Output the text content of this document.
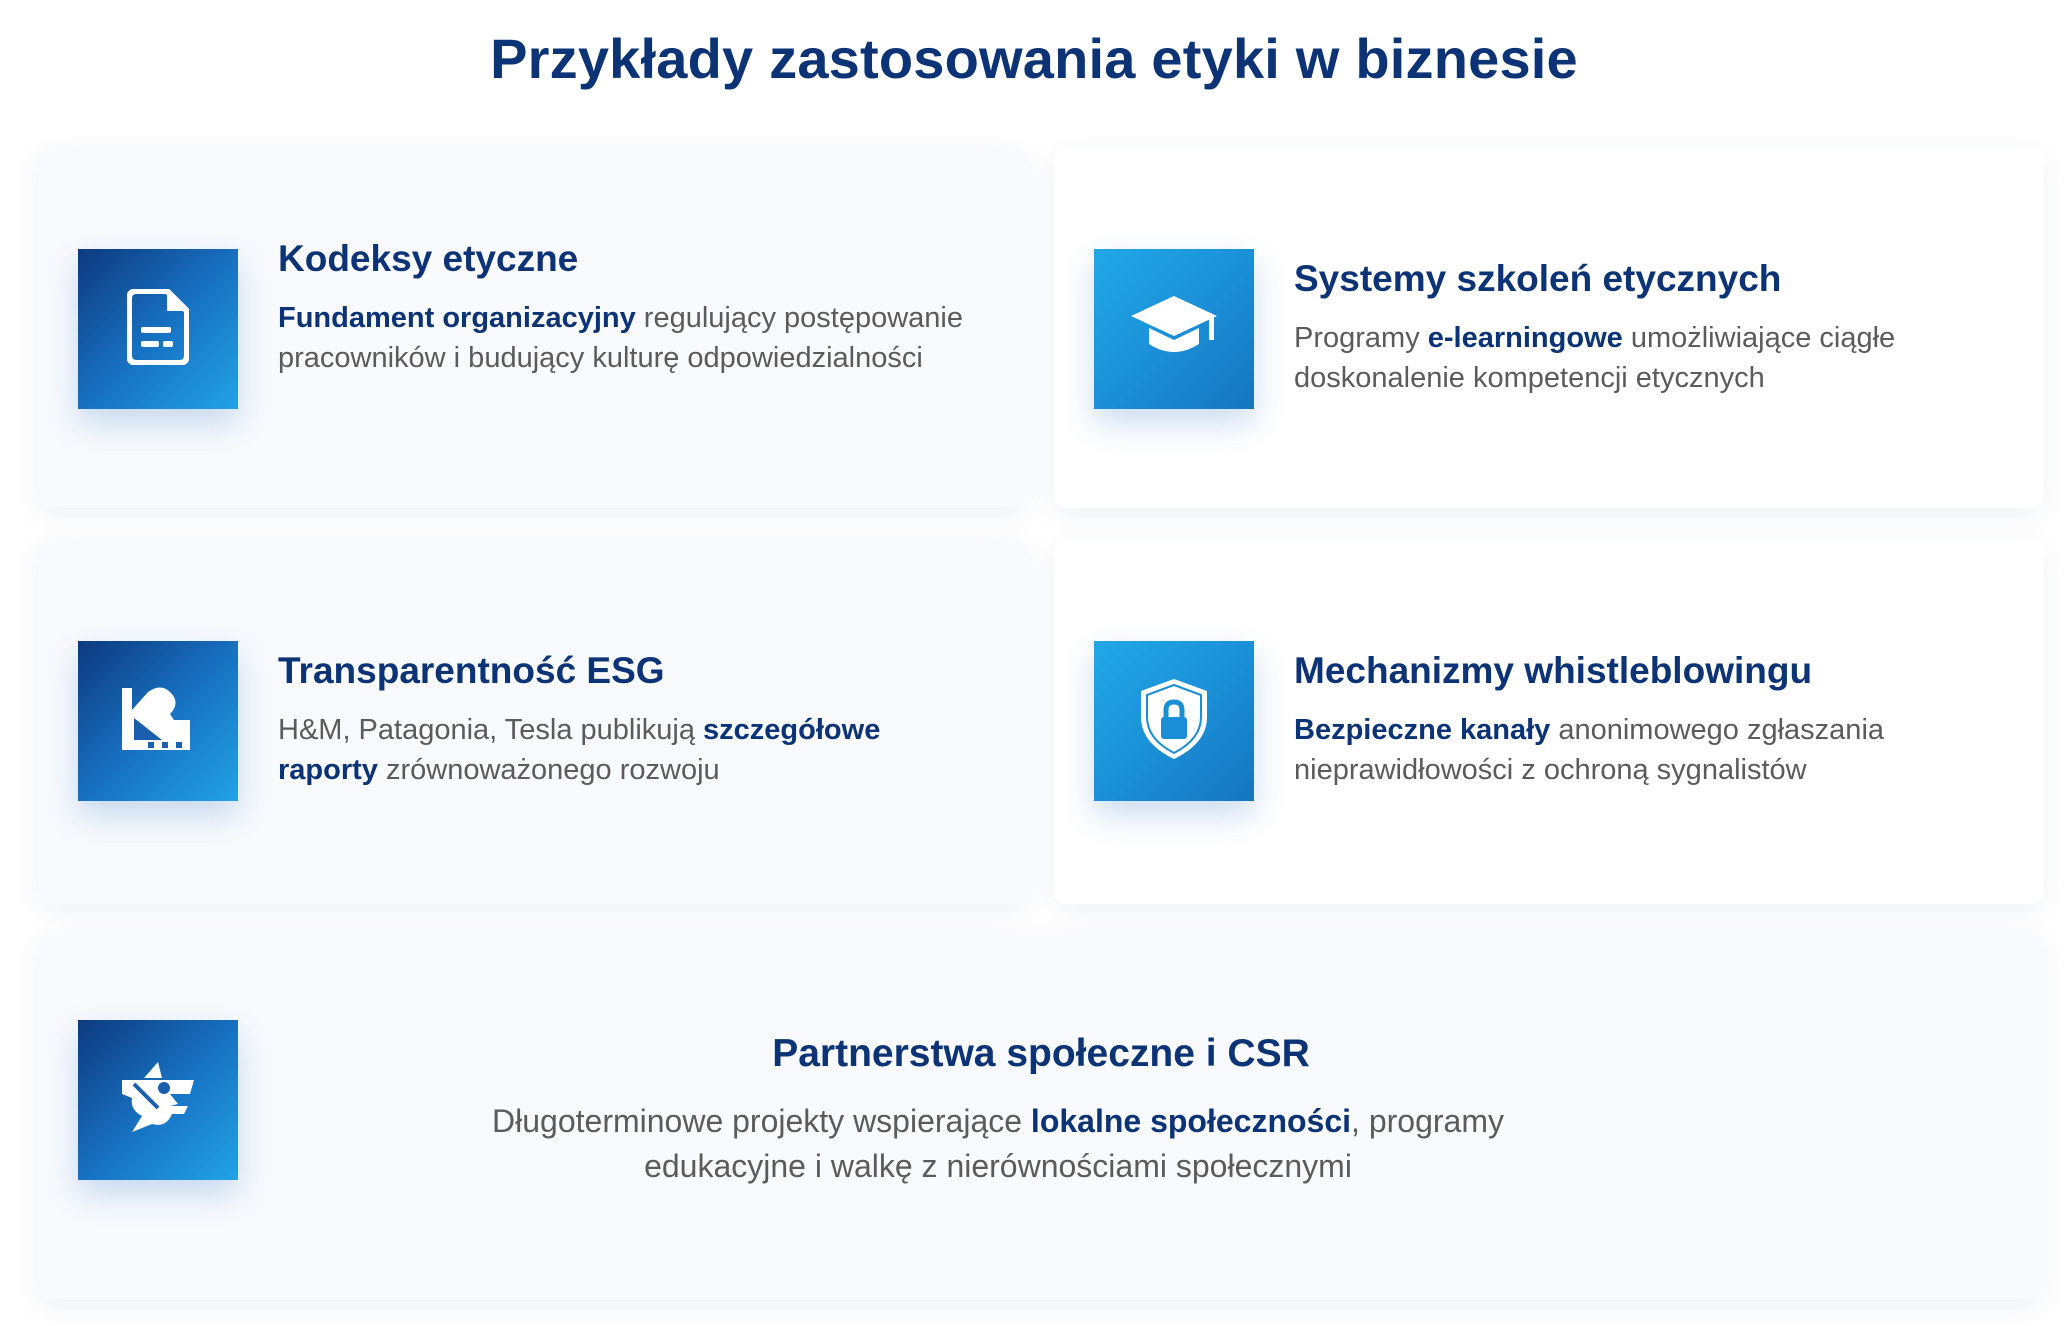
Przykłady zastosowania etyki w biznesie
Kodeksy etyczne
Fundament organizacyjny regulujący postępowanie pracowników i budujący kulturę odpowiedzialności
Systemy szkoleń etycznych
Programy e-learningowe umożliwiające ciągłe doskonalenie kompetencji etycznych
Transparentność ESG
H&M, Patagonia, Tesla publikują szczegółowe raporty zrównoważonego rozwoju
Mechanizmy whistleblowingu
Bezpieczne kanały anonimowego zgłaszania nieprawidłowości z ochroną sygnalistów
Partnerstwa społeczne i CSR
Długoterminowe projekty wspierające lokalne społeczności, programy edukacyjne i walkę z nierównościami społecznymi
